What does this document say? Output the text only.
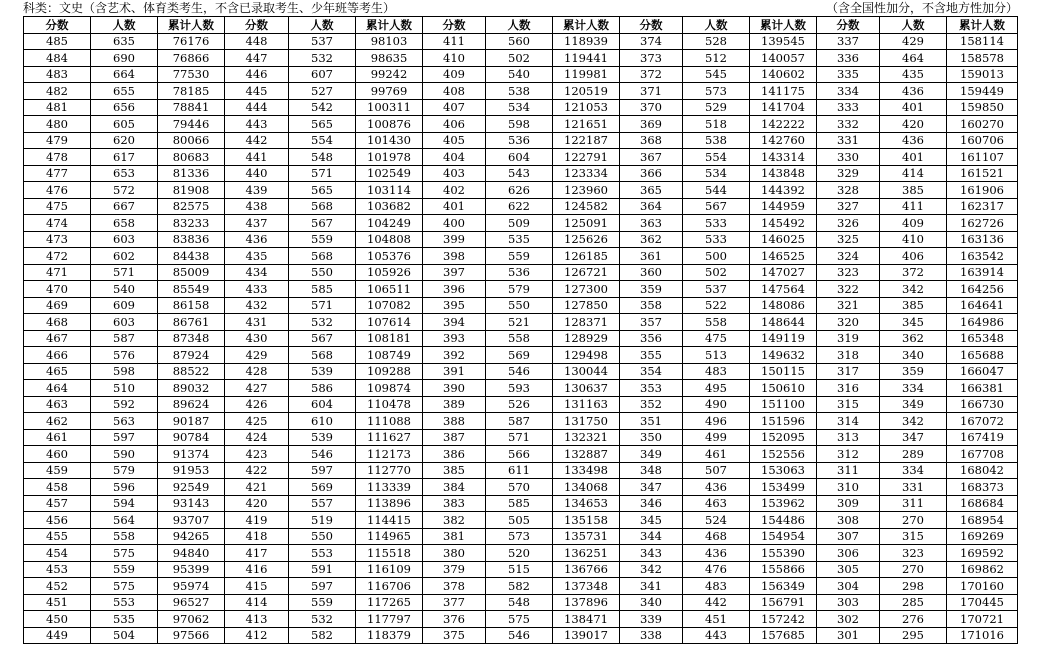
科类：文史（含艺术、体育类考生，不含已录取考生、少年班等考生）	（含全国性加分，不含地方性加分）
分数	人数	累计人数	分数	人数	累计人数	分数	人数	累计人数	分数	人数	累计人数	分数	人数	累计人数
485	635	76176	448	537	98103	411	560	118939	374	528	139545	337	429	158114
484	690	76866	447	532	98635	410	502	119441	373	512	140057	336	464	158578
483	664	77530	446	607	99242	409	540	119981	372	545	140602	335	435	159013
482	655	78185	445	527	99769	408	538	120519	371	573	141175	334	436	159449
481	656	78841	444	542	100311	407	534	121053	370	529	141704	333	401	159850
480	605	79446	443	565	100876	406	598	121651	369	518	142222	332	420	160270
479	620	80066	442	554	101430	405	536	122187	368	538	142760	331	436	160706
478	617	80683	441	548	101978	404	604	122791	367	554	143314	330	401	161107
477	653	81336	440	571	102549	403	543	123334	366	534	143848	329	414	161521
476	572	81908	439	565	103114	402	626	123960	365	544	144392	328	385	161906
475	667	82575	438	568	103682	401	622	124582	364	567	144959	327	411	162317
474	658	83233	437	567	104249	400	509	125091	363	533	145492	326	409	162726
473	603	83836	436	559	104808	399	535	125626	362	533	146025	325	410	163136
472	602	84438	435	568	105376	398	559	126185	361	500	146525	324	406	163542
471	571	85009	434	550	105926	397	536	126721	360	502	147027	323	372	163914
470	540	85549	433	585	106511	396	579	127300	359	537	147564	322	342	164256
469	609	86158	432	571	107082	395	550	127850	358	522	148086	321	385	164641
468	603	86761	431	532	107614	394	521	128371	357	558	148644	320	345	164986
467	587	87348	430	567	108181	393	558	128929	356	475	149119	319	362	165348
466	576	87924	429	568	108749	392	569	129498	355	513	149632	318	340	165688
465	598	88522	428	539	109288	391	546	130044	354	483	150115	317	359	166047
464	510	89032	427	586	109874	390	593	130637	353	495	150610	316	334	166381
463	592	89624	426	604	110478	389	526	131163	352	490	151100	315	349	166730
462	563	90187	425	610	111088	388	587	131750	351	496	151596	314	342	167072
461	597	90784	424	539	111627	387	571	132321	350	499	152095	313	347	167419
460	590	91374	423	546	112173	386	566	132887	349	461	152556	312	289	167708
459	579	91953	422	597	112770	385	611	133498	348	507	153063	311	334	168042
458	596	92549	421	569	113339	384	570	134068	347	436	153499	310	331	168373
457	594	93143	420	557	113896	383	585	134653	346	463	153962	309	311	168684
456	564	93707	419	519	114415	382	505	135158	345	524	154486	308	270	168954
455	558	94265	418	550	114965	381	573	135731	344	468	154954	307	315	169269
454	575	94840	417	553	115518	380	520	136251	343	436	155390	306	323	169592
453	559	95399	416	591	116109	379	515	136766	342	476	155866	305	270	169862
452	575	95974	415	597	116706	378	582	137348	341	483	156349	304	298	170160
451	553	96527	414	559	117265	377	548	137896	340	442	156791	303	285	170445
450	535	97062	413	532	117797	376	575	138471	339	451	157242	302	276	170721
449	504	97566	412	582	118379	375	546	139017	338	443	157685	301	295	171016
